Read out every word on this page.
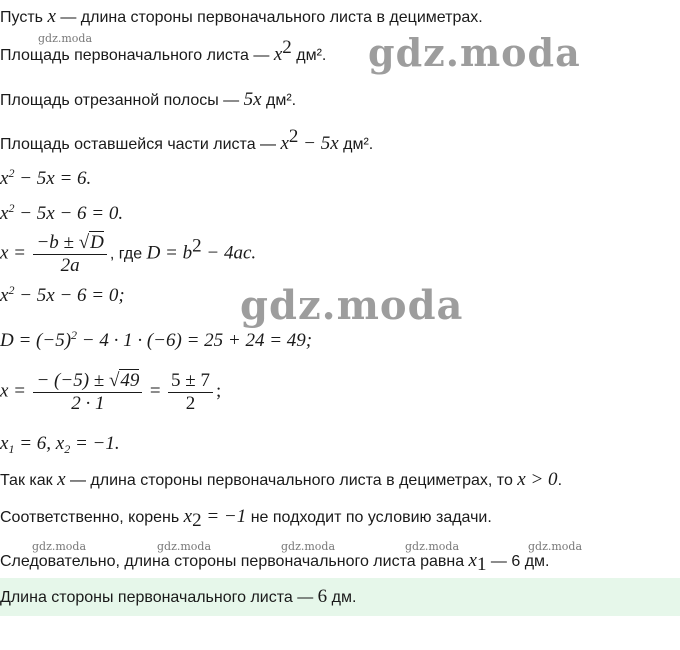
Пусть x — длина стороны первоначального листа в дециметрах.
Площадь первоначального листа — $x^2$ дм².
Площадь отрезанной полосы — 5x дм².
Площадь оставшейся части листа — $x^2 - 5x$ дм².
$x^2 - 5x = 6$.
$x^2 - 5x - 6 = 0$.
$x = \frac{-b \pm √D}{2a}$ , где $D = b^2 - 4ac$.
$x^2 - 5x - 6 = 0$;
$D = (-5)^2 - 4 \cdot 1 \cdot (-6) = 25 + 24 = 49$;
$x = \frac{- (-5) \pm √49}{2 \cdot 1} = \frac{5 \pm 7}{2}$ ;
$x_1 = 6$, $x_2 = -1$.
Так как x — длина стороны первоначального листа в дециметрах, то x > 0.
Соответственно, корень $x_2 = -1$ не подходит по условию задачи.
Следовательно, длина стороны первоначального листа равна $x_1$ — 6 дм.
Длина стороны первоначального листа — 6 дм.
gdz.moda	gdz.moda
gdz.moda
gdz.moda	gdz.moda	gdz.moda	gdz.moda	gdz.moda
